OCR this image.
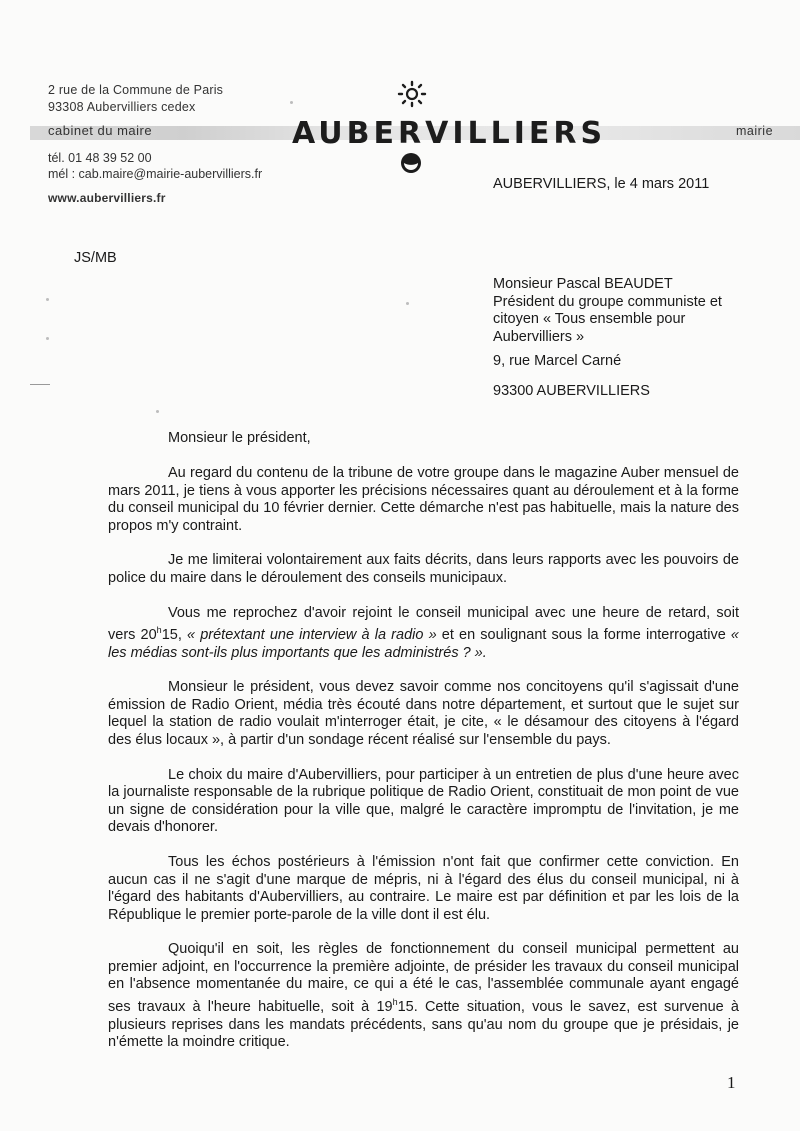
2 rue de la Commune de Paris
93308 Aubervilliers cedex
cabinet du maire	mairie
AUBERVILLIERS
tél. 01 48 39 52 00
mél : cab.maire@mairie-aubervilliers.fr
www.aubervilliers.fr
AUBERVILLIERS, le 4 mars 2011
JS/MB
Monsieur Pascal BEAUDET
Président du groupe communiste et
citoyen « Tous ensemble pour
Aubervilliers »
9, rue Marcel Carné
93300 AUBERVILLIERS
Monsieur le président,

Au regard du contenu de la tribune de votre groupe dans le magazine Auber mensuel de mars 2011, je tiens à vous apporter les précisions nécessaires quant au déroulement et à la forme du conseil municipal du 10 février dernier. Cette démarche n'est pas habituelle, mais la nature des propos m'y contraint.

Je me limiterai volontairement aux faits décrits, dans leurs rapports avec les pouvoirs de police du maire dans le déroulement des conseils municipaux.

Vous me reprochez d'avoir rejoint le conseil municipal avec une heure de retard, soit vers 20$^h$15, « prétextant une interview à la radio » et en soulignant sous la forme interrogative « les médias sont-ils plus importants que les administrés ? ».

Monsieur le président, vous devez savoir comme nos concitoyens qu'il s'agissait d'une émission de Radio Orient, média très écouté dans notre département, et surtout que le sujet sur lequel la station de radio voulait m'interroger était, je cite, « le désamour des citoyens à l'égard des élus locaux », à partir d'un sondage récent réalisé sur l'ensemble du pays.

Le choix du maire d'Aubervilliers, pour participer à un entretien de plus d'une heure avec la journaliste responsable de la rubrique politique de Radio Orient, constituait de mon point de vue un signe de considération pour la ville que, malgré le caractère impromptu de l'invitation, je me devais d'honorer.

Tous les échos postérieurs à l'émission n'ont fait que confirmer cette conviction. En aucun cas il ne s'agit d'une marque de mépris, ni à l'égard des élus du conseil municipal, ni à l'égard des habitants d'Aubervilliers, au contraire. Le maire est par définition et par les lois de la République le premier porte-parole de la ville dont il est élu.

Quoiqu'il en soit, les règles de fonctionnement du conseil municipal permettent au premier adjoint, en l'occurrence la première adjointe, de présider les travaux du conseil municipal en l'absence momentanée du maire, ce qui a été le cas, l'assemblée communale ayant engagé ses travaux à l'heure habituelle, soit à 19$^h$15. Cette situation, vous le savez, est survenue à plusieurs reprises dans les mandats précédents, sans qu'au nom du groupe que je présidais, je n'émette la moindre critique.

1
